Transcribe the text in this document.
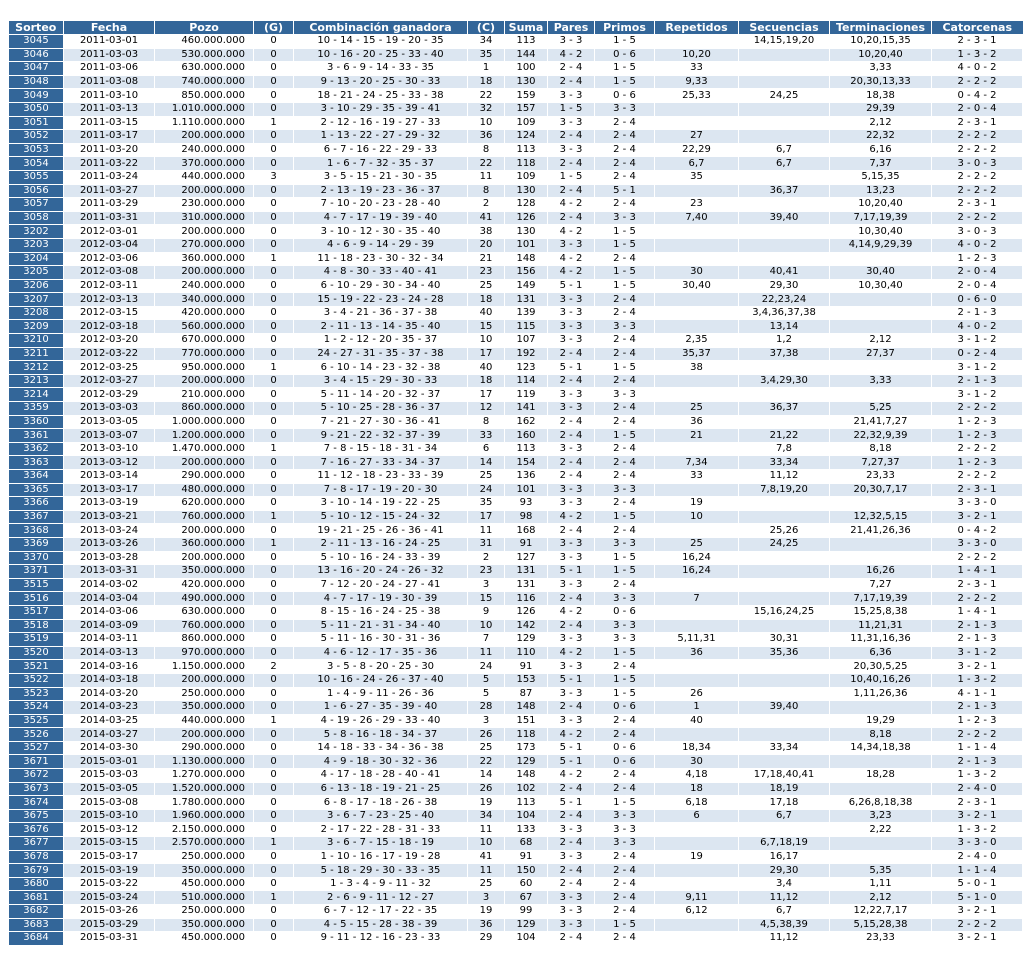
Sorteo	Fecha	Pozo	(G)	Combinación ganadora	(C)	Suma	Pares	Primos	Repetidos	Secuencias	Terminaciones	Catorcenas
3045	2011-03-01	460.000.000	0	10 - 14 - 15 - 19 - 20 - 35	34	113	3 - 3	1 - 5		14,15,19,20	10,20,15,35	2 - 3 - 1
3046	2011-03-03	530.000.000	0	10 - 16 - 20 - 25 - 33 - 40	35	144	4 - 2	0 - 6	10,20		10,20,40	1 - 3 - 2
3047	2011-03-06	630.000.000	0	3 - 6 - 9 - 14 - 33 - 35	1	100	2 - 4	1 - 5	33		3,33	4 - 0 - 2
3048	2011-03-08	740.000.000	0	9 - 13 - 20 - 25 - 30 - 33	18	130	2 - 4	1 - 5	9,33		20,30,13,33	2 - 2 - 2
3049	2011-03-10	850.000.000	0	18 - 21 - 24 - 25 - 33 - 38	22	159	3 - 3	0 - 6	25,33	24,25	18,38	0 - 4 - 2
3050	2011-03-13	1.010.000.000	0	3 - 10 - 29 - 35 - 39 - 41	32	157	1 - 5	3 - 3			29,39	2 - 0 - 4
3051	2011-03-15	1.110.000.000	1	2 - 12 - 16 - 19 - 27 - 33	10	109	3 - 3	2 - 4			2,12	2 - 3 - 1
3052	2011-03-17	200.000.000	0	1 - 13 - 22 - 27 - 29 - 32	36	124	2 - 4	2 - 4	27		22,32	2 - 2 - 2
3053	2011-03-20	240.000.000	0	6 - 7 - 16 - 22 - 29 - 33	8	113	3 - 3	2 - 4	22,29	6,7	6,16	2 - 2 - 2
3054	2011-03-22	370.000.000	0	1 - 6 - 7 - 32 - 35 - 37	22	118	2 - 4	2 - 4	6,7	6,7	7,37	3 - 0 - 3
3055	2011-03-24	440.000.000	3	3 - 5 - 15 - 21 - 30 - 35	11	109	1 - 5	2 - 4	35		5,15,35	2 - 2 - 2
3056	2011-03-27	200.000.000	0	2 - 13 - 19 - 23 - 36 - 37	8	130	2 - 4	5 - 1		36,37	13,23	2 - 2 - 2
3057	2011-03-29	230.000.000	0	7 - 10 - 20 - 23 - 28 - 40	2	128	4 - 2	2 - 4	23		10,20,40	2 - 3 - 1
3058	2011-03-31	310.000.000	0	4 - 7 - 17 - 19 - 39 - 40	41	126	2 - 4	3 - 3	7,40	39,40	7,17,19,39	2 - 2 - 2
3202	2012-03-01	200.000.000	0	3 - 10 - 12 - 30 - 35 - 40	38	130	4 - 2	1 - 5			10,30,40	3 - 0 - 3
3203	2012-03-04	270.000.000	0	4 - 6 - 9 - 14 - 29 - 39	20	101	3 - 3	1 - 5			4,14,9,29,39	4 - 0 - 2
3204	2012-03-06	360.000.000	1	11 - 18 - 23 - 30 - 32 - 34	21	148	4 - 2	2 - 4				1 - 2 - 3
3205	2012-03-08	200.000.000	0	4 - 8 - 30 - 33 - 40 - 41	23	156	4 - 2	1 - 5	30	40,41	30,40	2 - 0 - 4
3206	2012-03-11	240.000.000	0	6 - 10 - 29 - 30 - 34 - 40	25	149	5 - 1	1 - 5	30,40	29,30	10,30,40	2 - 0 - 4
3207	2012-03-13	340.000.000	0	15 - 19 - 22 - 23 - 24 - 28	18	131	3 - 3	2 - 4		22,23,24		0 - 6 - 0
3208	2012-03-15	420.000.000	0	3 - 4 - 21 - 36 - 37 - 38	40	139	3 - 3	2 - 4		3,4,36,37,38		2 - 1 - 3
3209	2012-03-18	560.000.000	0	2 - 11 - 13 - 14 - 35 - 40	15	115	3 - 3	3 - 3		13,14		4 - 0 - 2
3210	2012-03-20	670.000.000	0	1 - 2 - 12 - 20 - 35 - 37	10	107	3 - 3	2 - 4	2,35	1,2	2,12	3 - 1 - 2
3211	2012-03-22	770.000.000	0	24 - 27 - 31 - 35 - 37 - 38	17	192	2 - 4	2 - 4	35,37	37,38	27,37	0 - 2 - 4
3212	2012-03-25	950.000.000	1	6 - 10 - 14 - 23 - 32 - 38	40	123	5 - 1	1 - 5	38			3 - 1 - 2
3213	2012-03-27	200.000.000	0	3 - 4 - 15 - 29 - 30 - 33	18	114	2 - 4	2 - 4		3,4,29,30	3,33	2 - 1 - 3
3214	2012-03-29	210.000.000	0	5 - 11 - 14 - 20 - 32 - 37	17	119	3 - 3	3 - 3				3 - 1 - 2
3359	2013-03-03	860.000.000	0	5 - 10 - 25 - 28 - 36 - 37	12	141	3 - 3	2 - 4	25	36,37	5,25	2 - 2 - 2
3360	2013-03-05	1.000.000.000	0	7 - 21 - 27 - 30 - 36 - 41	8	162	2 - 4	2 - 4	36		21,41,7,27	1 - 2 - 3
3361	2013-03-07	1.200.000.000	0	9 - 21 - 22 - 32 - 37 - 39	33	160	2 - 4	1 - 5	21	21,22	22,32,9,39	1 - 2 - 3
3362	2013-03-10	1.470.000.000	1	7 - 8 - 15 - 18 - 31 - 34	6	113	3 - 3	2 - 4		7,8	8,18	2 - 2 - 2
3363	2013-03-12	200.000.000	0	7 - 16 - 27 - 33 - 34 - 37	14	154	2 - 4	2 - 4	7,34	33,34	7,27,37	1 - 2 - 3
3364	2013-03-14	290.000.000	0	11 - 12 - 18 - 23 - 33 - 39	25	136	2 - 4	2 - 4	33	11,12	23,33	2 - 2 - 2
3365	2013-03-17	480.000.000	0	7 - 8 - 17 - 19 - 20 - 30	24	101	3 - 3	3 - 3		7,8,19,20	20,30,7,17	2 - 3 - 1
3366	2013-03-19	620.000.000	0	3 - 10 - 14 - 19 - 22 - 25	35	93	3 - 3	2 - 4	19			3 - 3 - 0
3367	2013-03-21	760.000.000	1	5 - 10 - 12 - 15 - 24 - 32	17	98	4 - 2	1 - 5	10		12,32,5,15	3 - 2 - 1
3368	2013-03-24	200.000.000	0	19 - 21 - 25 - 26 - 36 - 41	11	168	2 - 4	2 - 4		25,26	21,41,26,36	0 - 4 - 2
3369	2013-03-26	360.000.000	1	2 - 11 - 13 - 16 - 24 - 25	31	91	3 - 3	3 - 3	25	24,25		3 - 3 - 0
3370	2013-03-28	200.000.000	0	5 - 10 - 16 - 24 - 33 - 39	2	127	3 - 3	1 - 5	16,24			2 - 2 - 2
3371	2013-03-31	350.000.000	0	13 - 16 - 20 - 24 - 26 - 32	23	131	5 - 1	1 - 5	16,24		16,26	1 - 4 - 1
3515	2014-03-02	420.000.000	0	7 - 12 - 20 - 24 - 27 - 41	3	131	3 - 3	2 - 4			7,27	2 - 3 - 1
3516	2014-03-04	490.000.000	0	4 - 7 - 17 - 19 - 30 - 39	15	116	2 - 4	3 - 3	7		7,17,19,39	2 - 2 - 2
3517	2014-03-06	630.000.000	0	8 - 15 - 16 - 24 - 25 - 38	9	126	4 - 2	0 - 6		15,16,24,25	15,25,8,38	1 - 4 - 1
3518	2014-03-09	760.000.000	0	5 - 11 - 21 - 31 - 34 - 40	10	142	2 - 4	3 - 3			11,21,31	2 - 1 - 3
3519	2014-03-11	860.000.000	0	5 - 11 - 16 - 30 - 31 - 36	7	129	3 - 3	3 - 3	5,11,31	30,31	11,31,16,36	2 - 1 - 3
3520	2014-03-13	970.000.000	0	4 - 6 - 12 - 17 - 35 - 36	11	110	4 - 2	1 - 5	36	35,36	6,36	3 - 1 - 2
3521	2014-03-16	1.150.000.000	2	3 - 5 - 8 - 20 - 25 - 30	24	91	3 - 3	2 - 4			20,30,5,25	3 - 2 - 1
3522	2014-03-18	200.000.000	0	10 - 16 - 24 - 26 - 37 - 40	5	153	5 - 1	1 - 5			10,40,16,26	1 - 3 - 2
3523	2014-03-20	250.000.000	0	1 - 4 - 9 - 11 - 26 - 36	5	87	3 - 3	1 - 5	26		1,11,26,36	4 - 1 - 1
3524	2014-03-23	350.000.000	0	1 - 6 - 27 - 35 - 39 - 40	28	148	2 - 4	0 - 6	1	39,40		2 - 1 - 3
3525	2014-03-25	440.000.000	1	4 - 19 - 26 - 29 - 33 - 40	3	151	3 - 3	2 - 4	40		19,29	1 - 2 - 3
3526	2014-03-27	200.000.000	0	5 - 8 - 16 - 18 - 34 - 37	26	118	4 - 2	2 - 4			8,18	2 - 2 - 2
3527	2014-03-30	290.000.000	0	14 - 18 - 33 - 34 - 36 - 38	25	173	5 - 1	0 - 6	18,34	33,34	14,34,18,38	1 - 1 - 4
3671	2015-03-01	1.130.000.000	0	4 - 9 - 18 - 30 - 32 - 36	22	129	5 - 1	0 - 6	30			2 - 1 - 3
3672	2015-03-03	1.270.000.000	0	4 - 17 - 18 - 28 - 40 - 41	14	148	4 - 2	2 - 4	4,18	17,18,40,41	18,28	1 - 3 - 2
3673	2015-03-05	1.520.000.000	0	6 - 13 - 18 - 19 - 21 - 25	26	102	2 - 4	2 - 4	18	18,19		2 - 4 - 0
3674	2015-03-08	1.780.000.000	0	6 - 8 - 17 - 18 - 26 - 38	19	113	5 - 1	1 - 5	6,18	17,18	6,26,8,18,38	2 - 3 - 1
3675	2015-03-10	1.960.000.000	0	3 - 6 - 7 - 23 - 25 - 40	34	104	2 - 4	3 - 3	6	6,7	3,23	3 - 2 - 1
3676	2015-03-12	2.150.000.000	0	2 - 17 - 22 - 28 - 31 - 33	11	133	3 - 3	3 - 3			2,22	1 - 3 - 2
3677	2015-03-15	2.570.000.000	1	3 - 6 - 7 - 15 - 18 - 19	10	68	2 - 4	3 - 3		6,7,18,19		3 - 3 - 0
3678	2015-03-17	250.000.000	0	1 - 10 - 16 - 17 - 19 - 28	41	91	3 - 3	2 - 4	19	16,17		2 - 4 - 0
3679	2015-03-19	350.000.000	0	5 - 18 - 29 - 30 - 33 - 35	11	150	2 - 4	2 - 4		29,30	5,35	1 - 1 - 4
3680	2015-03-22	450.000.000	0	1 - 3 - 4 - 9 - 11 - 32	25	60	2 - 4	2 - 4		3,4	1,11	5 - 0 - 1
3681	2015-03-24	510.000.000	1	2 - 6 - 9 - 11 - 12 - 27	3	67	3 - 3	2 - 4	9,11	11,12	2,12	5 - 1 - 0
3682	2015-03-26	250.000.000	0	6 - 7 - 12 - 17 - 22 - 35	19	99	3 - 3	2 - 4	6,12	6,7	12,22,7,17	3 - 2 - 1
3683	2015-03-29	350.000.000	0	4 - 5 - 15 - 28 - 38 - 39	36	129	3 - 3	1 - 5		4,5,38,39	5,15,28,38	2 - 2 - 2
3684	2015-03-31	450.000.000	0	9 - 11 - 12 - 16 - 23 - 33	29	104	2 - 4	2 - 4		11,12	23,33	3 - 2 - 1
